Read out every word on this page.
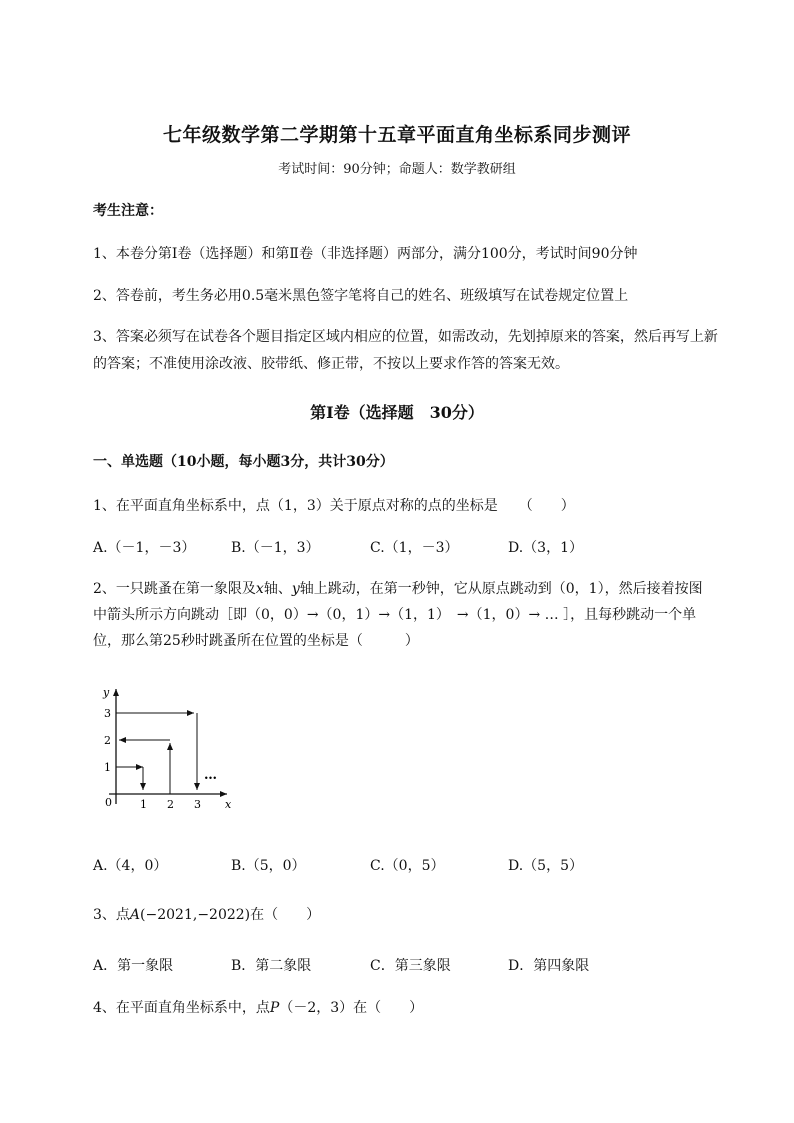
七年级数学第二学期第十五章平面直角坐标系同步测评
考试时间：90分钟；命题人：数学教研组
考生注意：
1、本卷分第Ⅰ卷（选择题）和第Ⅱ卷（非选择题）两部分，满分100分，考试时间90分钟
2、答卷前，考生务必用0.5毫米黑色签字笔将自己的姓名、班级填写在试卷规定位置上
3、答案必须写在试卷各个题目指定区域内相应的位置，如需改动，先划掉原来的答案，然后再写上新
的答案；不准使用涂改液、胶带纸、修正带，不按以上要求作答的答案无效。
第Ⅰ卷（选择题　30分）
一、单选题（10小题，每小题3分，共计30分）
1、在平面直角坐标系中，点（1，3）关于原点对称的点的坐标是　　（　　）
A.（－1，－3）	B.（－1，3）	C.（1，－3）	D.（3，1）
2、一只跳蚤在第一象限及x轴、y轴上跳动，在第一秒钟，它从原点跳动到（0，1），然后接着按图
中箭头所示方向跳动［即（0，0）→（0，1）→（1，1）　→（1，0）→ … ］，且每秒跳动一个单
位，那么第25秒时跳蚤所在位置的坐标是（　　　）
y
x
0
1
2
3
1 2 3
…
A.（4，0）	B.（5，0）	C.（0，5）	D.（5，5）
3、点A(−2021,−2022)在（　　）
A．第一象限	B．第二象限	C．第三象限	D．第四象限
4、在平面直角坐标系中，点P（－2，3）在（　　）
